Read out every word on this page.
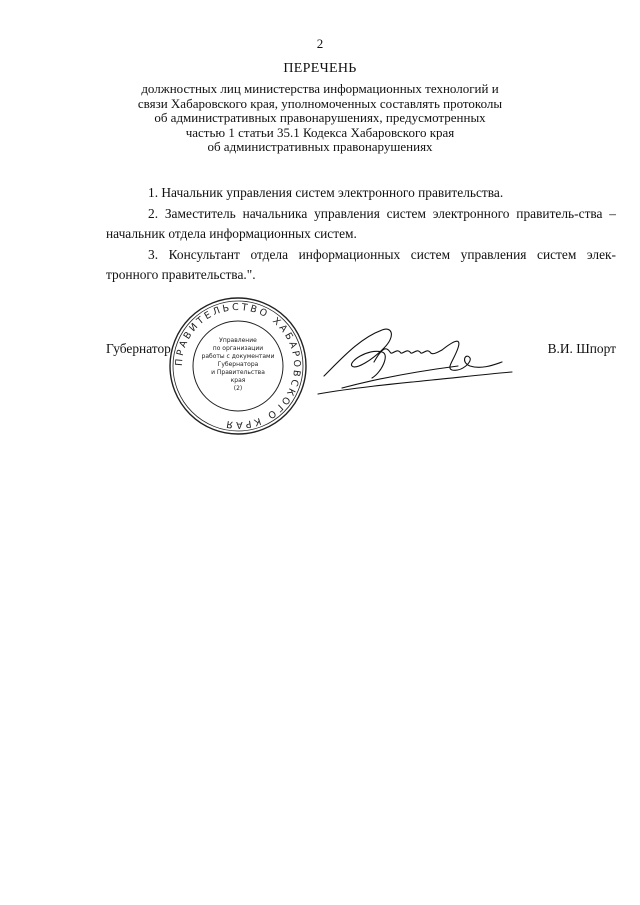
2
ПЕРЕЧЕНЬ
должностных лиц министерства информационных технологий и
связи Хабаровского края, уполномоченных составлять протоколы
об административных правонарушениях, предусмотренных
частью 1 статьи 35.1 Кодекса Хабаровского края
об административных правонарушениях

1. Начальник управления систем электронного правительства.

2. Заместитель начальника управления систем электронного правитель-ства – начальник отдела информационных систем.

3. Консультант отдела информационных систем управления систем элек-тронного правительства.".

Губернатор	В.И. Шпорт
ПРАВИТЕЛЬСТВО ХАБАРОВСКОГО КРАЯ
Управление
по организации
работы с документами
Губернатора
и Правительства
края
(2)
